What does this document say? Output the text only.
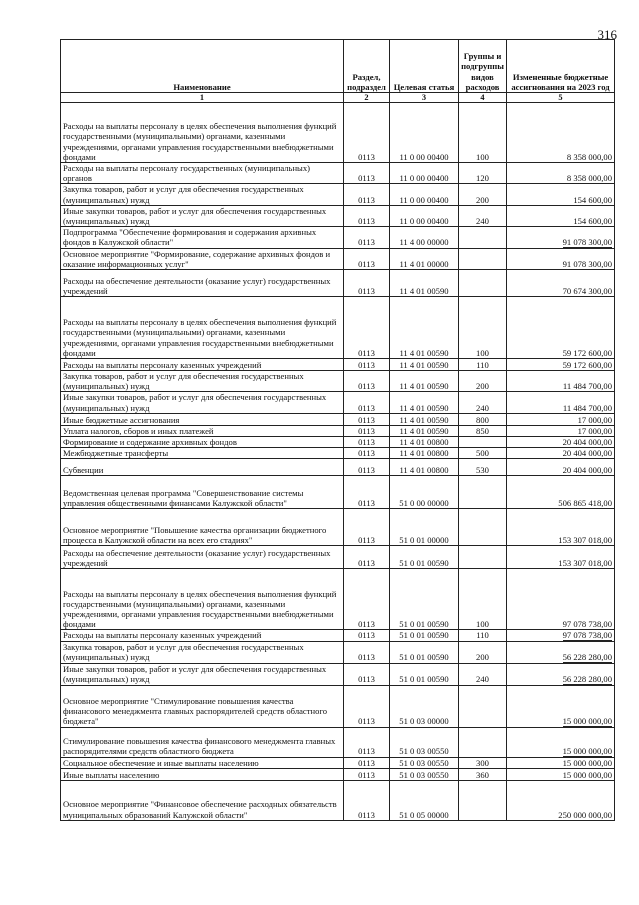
316
Наименование	Раздел, подраздел	Целевая статья	Группы и подгруппы видов расходов	Измененные бюджетные ассигнования на 2023 год
1	2	3	4	5
Расходы на выплаты персоналу в целях обеспечения выполнения функций государственными (муниципальными) органами, казенными учреждениями, органами управления государственными внебюджетными фондами	0113	11 0 00 00400	100	8 358 000,00
Расходы на выплаты персоналу государственных (муниципальных) органов	0113	11 0 00 00400	120	8 358 000,00
Закупка товаров, работ и услуг для обеспечения государственных (муниципальных) нужд	0113	11 0 00 00400	200	154 600,00
Иные закупки товаров, работ и услуг для обеспечения государственных (муниципальных) нужд	0113	11 0 00 00400	240	154 600,00
Подпрограмма "Обеспечение формирования и содержания архивных фондов в Калужской области"	0113	11 4 00 00000		91 078 300,00
Основное мероприятие "Формирование, содержание архивных фондов и оказание информационных услуг"	0113	11 4 01 00000		91 078 300,00
Расходы на обеспечение деятельности (оказание услуг) государственных учреждений	0113	11 4 01 00590		70 674 300,00
Расходы на выплаты персоналу в целях обеспечения выполнения функций государственными (муниципальными) органами, казенными учреждениями, органами управления государственными внебюджетными фондами	0113	11 4 01 00590	100	59 172 600,00
Расходы на выплаты персоналу казенных учреждений	0113	11 4 01 00590	110	59 172 600,00
Закупка товаров, работ и услуг для обеспечения государственных (муниципальных) нужд	0113	11 4 01 00590	200	11 484 700,00
Иные закупки товаров, работ и услуг для обеспечения государственных (муниципальных) нужд	0113	11 4 01 00590	240	11 484 700,00
Иные бюджетные ассигнования	0113	11 4 01 00590	800	17 000,00
Уплата налогов, сборов и иных платежей	0113	11 4 01 00590	850	17 000,00
Формирование и содержание архивных фондов	0113	11 4 01 00800		20 404 000,00
Межбюджетные трансферты	0113	11 4 01 00800	500	20 404 000,00
Субвенции	0113	11 4 01 00800	530	20 404 000,00
Ведомственная целевая программа "Совершенствование системы управления общественными финансами Калужской области"	0113	51 0 00 00000		506 865 418,00
Основное мероприятие "Повышение качества организации бюджетного процесса в Калужской области на всех его стадиях"	0113	51 0 01 00000		153 307 018,00
Расходы на обеспечение деятельности (оказание услуг) государственных учреждений	0113	51 0 01 00590		153 307 018,00
Расходы на выплаты персоналу в целях обеспечения выполнения функций государственными (муниципальными) органами, казенными учреждениями, органами управления государственными внебюджетными фондами	0113	51 0 01 00590	100	97 078 738,00
Расходы на выплаты персоналу казенных учреждений	0113	51 0 01 00590	110	97 078 738,00
Закупка товаров, работ и услуг для обеспечения государственных (муниципальных) нужд	0113	51 0 01 00590	200	56 228 280,00
Иные закупки товаров, работ и услуг для обеспечения государственных (муниципальных) нужд	0113	51 0 01 00590	240	56 228 280,00
Основное мероприятие "Стимулирование повышения качества финансового менеджмента главных распорядителей средств областного бюджета"	0113	51 0 03 00000		15 000 000,00
Стимулирование повышения качества финансового менеджмента главных распорядителями средств областного бюджета	0113	51 0 03 00550		15 000 000,00
Социальное обеспечение и иные выплаты населению	0113	51 0 03 00550	300	15 000 000,00
Иные выплаты населению	0113	51 0 03 00550	360	15 000 000,00
Основное мероприятие "Финансовое обеспечение расходных обязательств муниципальных образований Калужской области"	0113	51 0 05 00000		250 000 000,00
